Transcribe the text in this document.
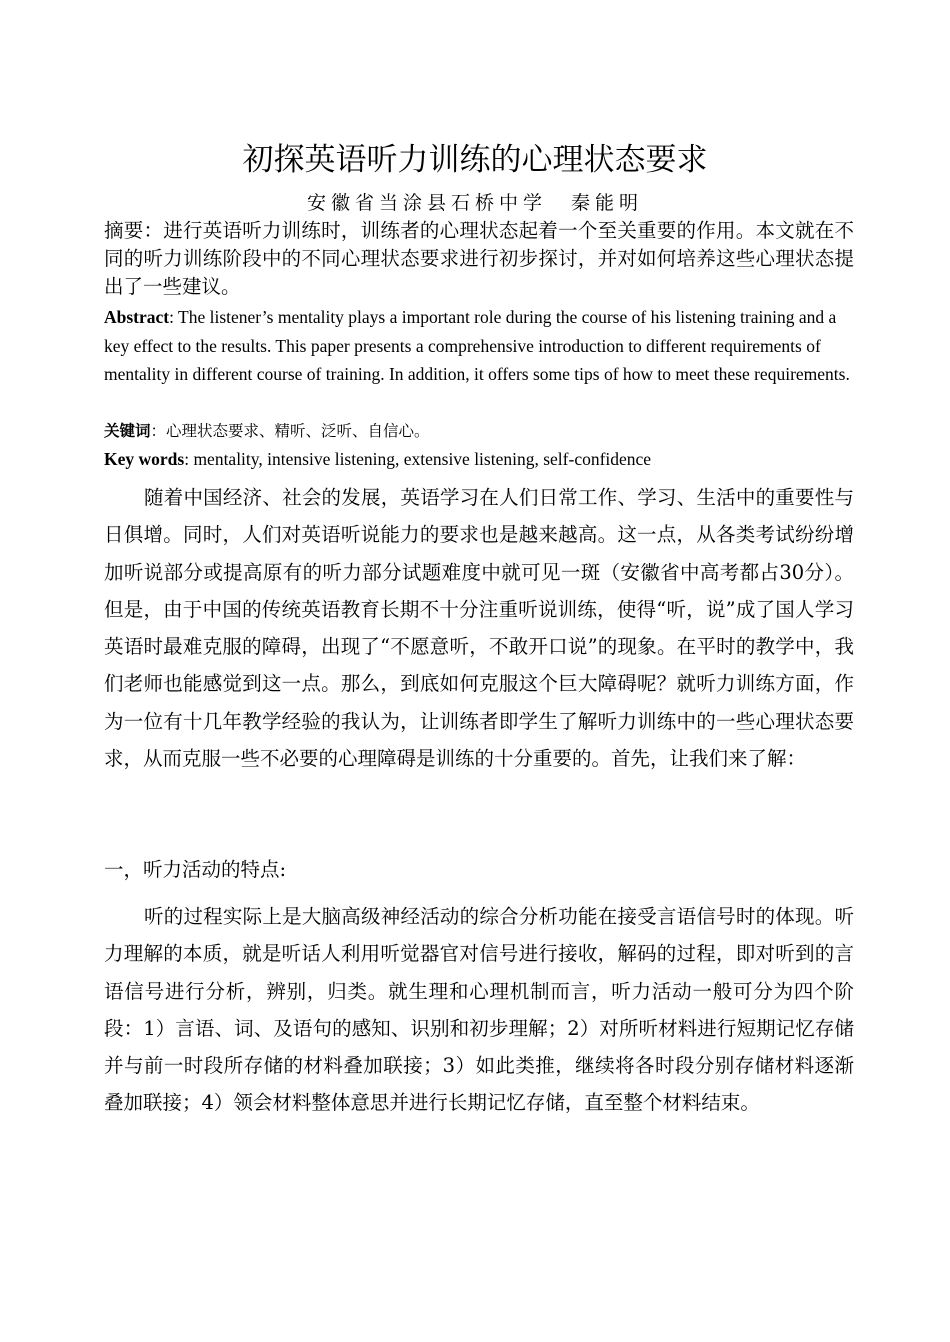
初探英语听力训练的心理状态要求
安徽省当涂县石桥中学　秦能明
摘要：进行英语听力训练时，训练者的心理状态起着一个至关重要的作用。本文就在不同的听力训练阶段中的不同心理状态要求进行初步探讨，并对如何培养这些心理状态提出了一些建议。
Abstract: The listener’s mentality plays a important role during the course of his listening training and a key effect to the results. This paper presents a comprehensive introduction to different requirements of mentality in different course of training. In addition, it offers some tips of how to meet these requirements.
关键词：心理状态要求、精听、泛听、自信心。
Key words: mentality, intensive listening, extensive listening, self-confidence
随着中国经济、社会的发展，英语学习在人们日常工作、学习、生活中的重要性与日俱增。同时，人们对英语听说能力的要求也是越来越高。这一点，从各类考试纷纷增加听说部分或提高原有的听力部分试题难度中就可见一斑（安徽省中高考都占30分）。但是，由于中国的传统英语教育长期不十分注重听说训练，使得“听，说”成了国人学习英语时最难克服的障碍，出现了“不愿意听，不敢开口说”的现象。在平时的教学中，我们老师也能感觉到这一点。那么，到底如何克服这个巨大障碍呢？就听力训练方面，作为一位有十几年教学经验的我认为，让训练者即学生了解听力训练中的一些心理状态要求，从而克服一些不必要的心理障碍是训练的十分重要的。首先，让我们来了解：
一，听力活动的特点:
听的过程实际上是大脑高级神经活动的综合分析功能在接受言语信号时的体现。听力理解的本质，就是听话人利用听觉器官对信号进行接收，解码的过程，即对听到的言语信号进行分析，辨别，归类。就生理和心理机制而言，听力活动一般可分为四个阶段：1）言语、词、及语句的感知、识别和初步理解；2）对所听材料进行短期记忆存储并与前一时段所存储的材料叠加联接；3）如此类推，继续将各时段分别存储材料逐渐叠加联接；4）领会材料整体意思并进行长期记忆存储，直至整个材料结束。
